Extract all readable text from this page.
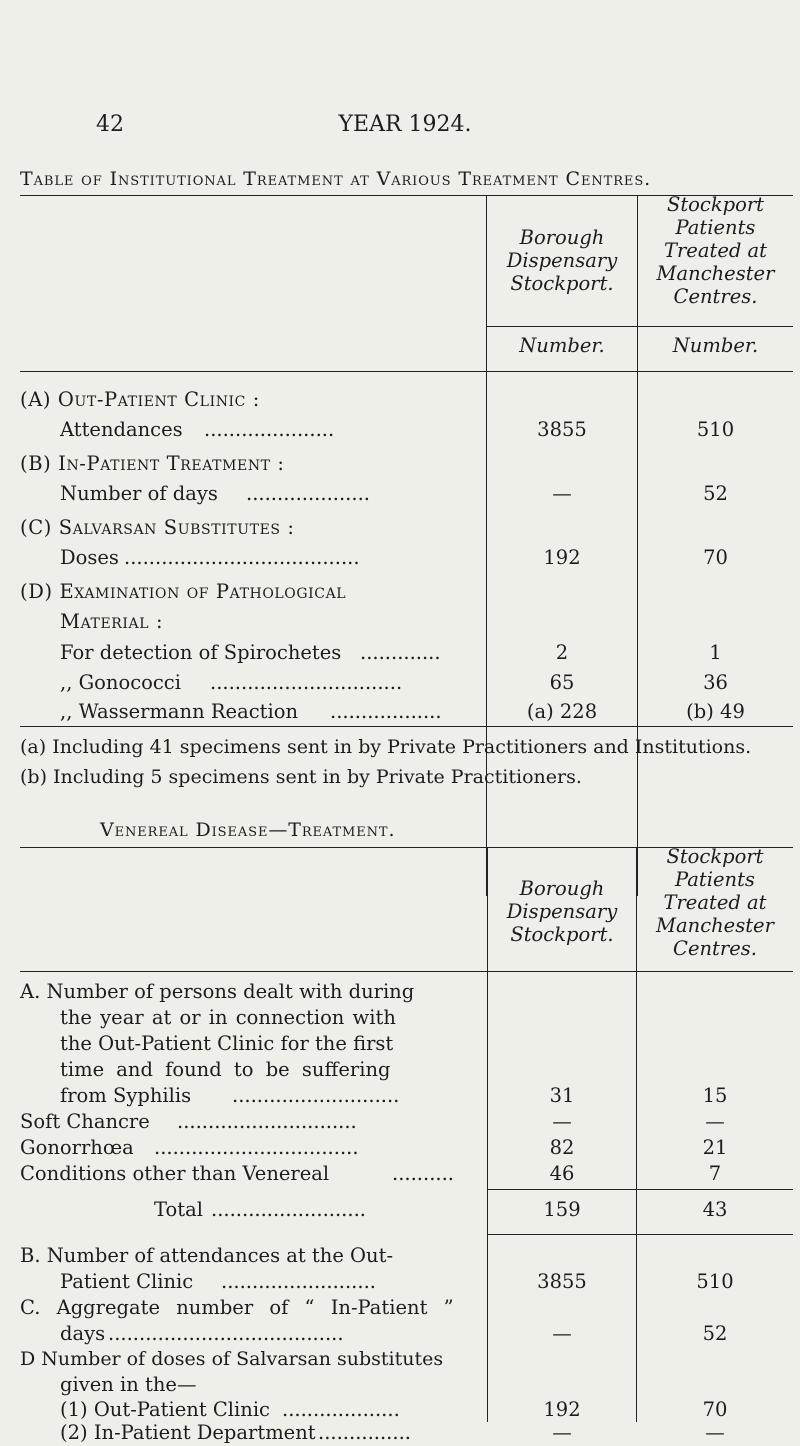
42	YEAR 1924.
Table of Institutional Treatment at Various Treatment Centres.
Borough
Dispensary
Stockport.
Stockport
Patients
Treated at
Manchester
Centres.
Number.	Number.
(A) Out-Patient Clinic :
Attendances .....................	3855	510
(B) In-Patient Treatment :
Number of days ....................	—	52
(C) Salvarsan Substitutes :
Doses ......................................	192	70
(D) Examination of Pathological
Material :
For detection of Spirochetes .............	2	1
,, Gonococci ...............................	65	36
,, Wassermann Reaction ..................	(a) 228	(b) 49
(a) Including 41 specimens sent in by Private Practitioners and Institutions.
(b) Including 5 specimens sent in by Private Practitioners.
Venereal Disease—Treatment.
Borough
Dispensary
Stockport.
Stockport
Patients
Treated at
Manchester
Centres.
A. Number of persons dealt with during
the year at or in connection with
the Out-Patient Clinic for the first
time and found to be suffering
from Syphilis ...........................	31	15
Soft Chancre .............................	—	—
Gonorrhœa .................................	82	21
Conditions other than Venereal	..........	46	7
Total .........................	159	43
B. Number of attendances at the Out-
Patient Clinic .........................	3855	510
C. Aggregate number of “ In-Patient ”
days ......................................	—	52
D Number of doses of Salvarsan substitutes
given in the—
(1) Out-Patient Clinic ...................	192	70
(2) In-Patient Department ...............	—	—
